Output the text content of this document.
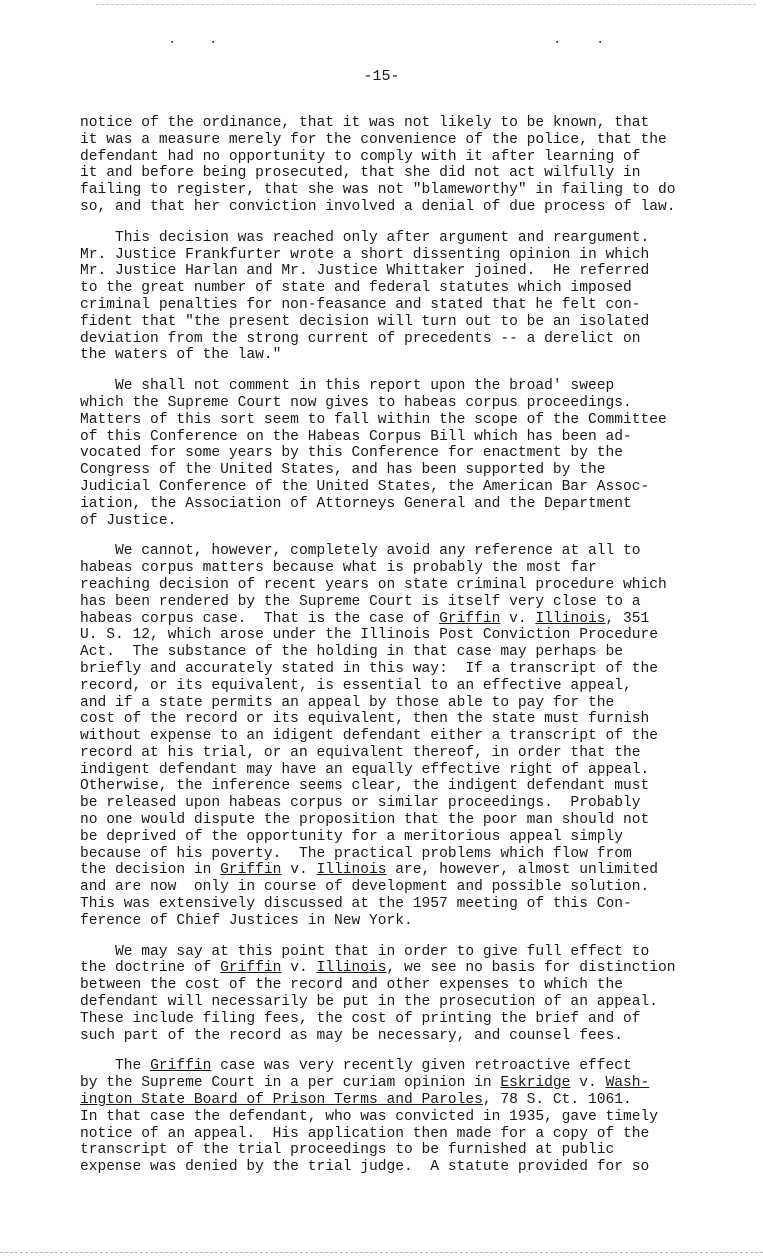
. .	. .
-15-
notice of the ordinance, that it was not likely to be known, that
it was a measure merely for the convenience of the police, that the
defendant had no opportunity to comply with it after learning of
it and before being prosecuted, that she did not act wilfully in
failing to register, that she was not "blameworthy" in failing to do
so, and that her conviction involved a denial of due process of law.
This decision was reached only after argument and reargument.
Mr. Justice Frankfurter wrote a short dissenting opinion in which
Mr. Justice Harlan and Mr. Justice Whittaker joined.  He referred
to the great number of state and federal statutes which imposed
criminal penalties for non-feasance and stated that he felt con-
fident that "the present decision will turn out to be an isolated
deviation from the strong current of precedents -- a derelict on
the waters of the law."
We shall not comment in this report upon the broad' sweep
which the Supreme Court now gives to habeas corpus proceedings.
Matters of this sort seem to fall within the scope of the Committee
of this Conference on the Habeas Corpus Bill which has been ad-
vocated for some years by this Conference for enactment by the
Congress of the United States, and has been supported by the
Judicial Conference of the United States, the American Bar Assoc-
iation, the Association of Attorneys General and the Department
of Justice.
We cannot, however, completely avoid any reference at all to
habeas corpus matters because what is probably the most far
reaching decision of recent years on state criminal procedure which
has been rendered by the Supreme Court is itself very close to a
habeas corpus case.  That is the case of Griffin v. Illinois, 351
U. S. 12, which arose under the Illinois Post Conviction Procedure
Act.  The substance of the holding in that case may perhaps be
briefly and accurately stated in this way:  If a transcript of the
record, or its equivalent, is essential to an effective appeal,
and if a state permits an appeal by those able to pay for the
cost of the record or its equivalent, then the state must furnish
without expense to an idigent defendant either a transcript of the
record at his trial, or an equivalent thereof, in order that the
indigent defendant may have an equally effective right of appeal.
Otherwise, the inference seems clear, the indigent defendant must
be released upon habeas corpus or similar proceedings.  Probably
no one would dispute the proposition that the poor man should not
be deprived of the opportunity for a meritorious appeal simply
because of his poverty.  The practical problems which flow from
the decision in Griffin v. Illinois are, however, almost unlimited
and are now  only in course of development and possible solution.
This was extensively discussed at the 1957 meeting of this Con-
ference of Chief Justices in New York.
We may say at this point that in order to give full effect to
the doctrine of Griffin v. Illinois, we see no basis for distinction
between the cost of the record and other expenses to which the
defendant will necessarily be put in the prosecution of an appeal.
These include filing fees, the cost of printing the brief and of
such part of the record as may be necessary, and counsel fees.
The Griffin case was very recently given retroactive effect
by the Supreme Court in a per curiam opinion in Eskridge v. Wash-
ington State Board of Prison Terms and Paroles, 78 S. Ct. 1061.
In that case the defendant, who was convicted in 1935, gave timely
notice of an appeal.  His application then made for a copy of the
transcript of the trial proceedings to be furnished at public
expense was denied by the trial judge.  A statute provided for so
